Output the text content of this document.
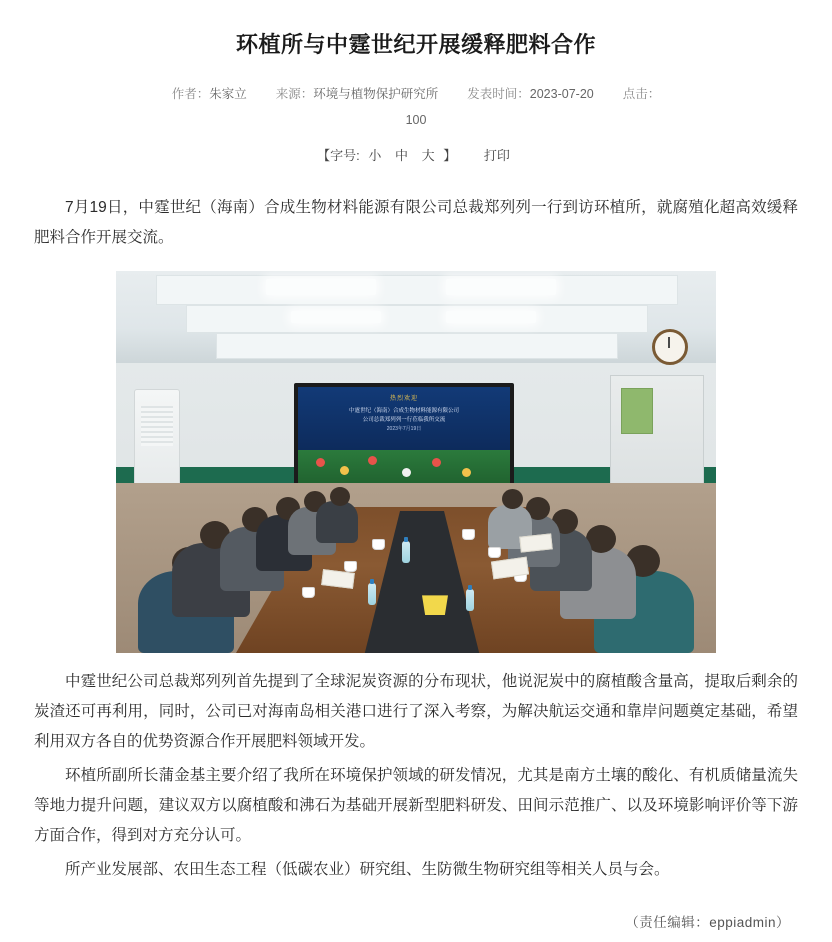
环植所与中霆世纪开展缓释肥料合作
作者：朱家立 来源：环境与植物保护研究所 发表时间：2023-07-20 点击：
100
【字号: 小 中 大 】 打印

7月19日，中霆世纪（海南）合成生物材料能源有限公司总裁郑列列一行到访环植所，就腐殖化超高效缓释肥料合作开展交流。

热烈欢迎
中霆世纪（海南）合成生物材料能源有限公司
公司总裁郑列列一行莅临我所交流
2023年7月19日

中霆世纪公司总裁郑列列首先提到了全球泥炭资源的分布现状，他说泥炭中的腐植酸含量高，提取后剩余的炭渣还可再利用，同时，公司已对海南岛相关港口进行了深入考察，为解决航运交通和靠岸问题奠定基础，希望利用双方各自的优势资源合作开展肥料领域开发。

环植所副所长蒲金基主要介绍了我所在环境保护领域的研发情况，尤其是南方土壤的酸化、有机质储量流失等地力提升问题，建议双方以腐植酸和沸石为基础开展新型肥料研发、田间示范推广、以及环境影响评价等下游方面合作，得到对方充分认可。

所产业发展部、农田生态工程（低碳农业）研究组、生防微生物研究组等相关人员与会。

（责任编辑：eppiadmin）
